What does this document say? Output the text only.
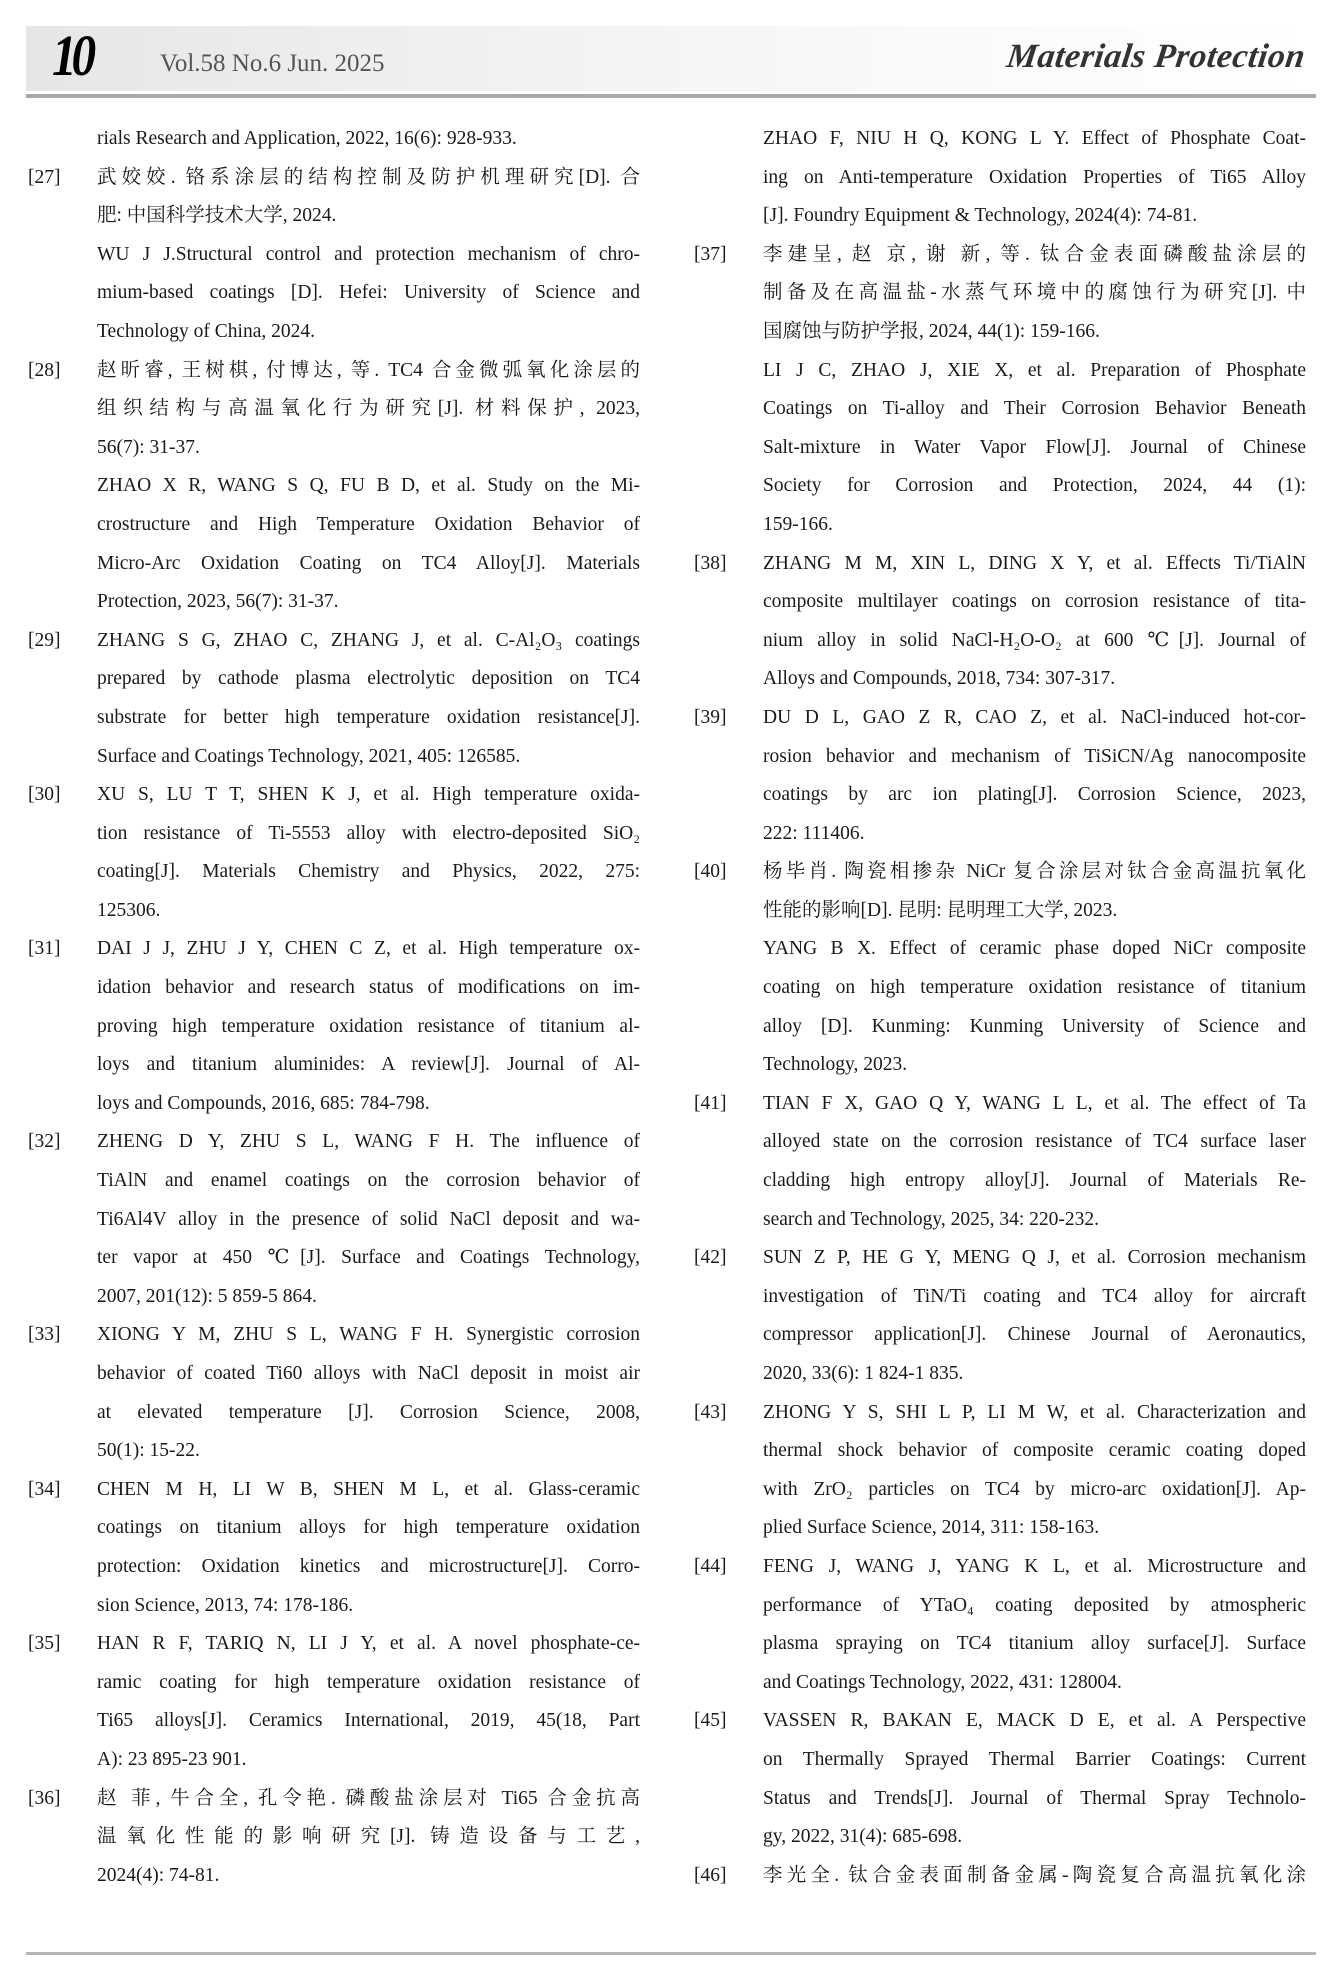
10	Vol.58 No.6 Jun. 2025	Materials Protection
rials Research and Application, 2022, 16(6): 928-933.
[27] 武姣姣. 铬系涂层的结构控制及防护机理研究[D]. 合
肥: 中国科学技术大学, 2024.
WU J J.Structural control and protection mechanism of chro-
mium-based coatings [D]. Hefei: University of Science and
Technology of China, 2024.
[28] 赵昕睿, 王树棋, 付博达, 等. TC4 合金微弧氧化涂层的
组织结构与高温氧化行为研究[J]. 材料保护, 2023,
56(7): 31-37.
ZHAO X R, WANG S Q, FU B D, et al. Study on the Mi-
crostructure and High Temperature Oxidation Behavior of
Micro-Arc Oxidation Coating on TC4 Alloy[J]. Materials
Protection, 2023, 56(7): 31-37.
[29] ZHANG S G, ZHAO C, ZHANG J, et al. C-Al₂O₃ coatings
prepared by cathode plasma electrolytic deposition on TC4
substrate for better high temperature oxidation resistance[J].
Surface and Coatings Technology, 2021, 405: 126585.
[30] XU S, LU T T, SHEN K J, et al. High temperature oxida-
tion resistance of Ti-5553 alloy with electro-deposited SiO₂
coating[J]. Materials Chemistry and Physics, 2022, 275:
125306.
[31] DAI J J, ZHU J Y, CHEN C Z, et al. High temperature ox-
idation behavior and research status of modifications on im-
proving high temperature oxidation resistance of titanium al-
loys and titanium aluminides: A review[J]. Journal of Al-
loys and Compounds, 2016, 685: 784-798.
[32] ZHENG D Y, ZHU S L, WANG F H. The influence of
TiAlN and enamel coatings on the corrosion behavior of
Ti6Al4V alloy in the presence of solid NaCl deposit and wa-
ter vapor at 450 ℃[J]. Surface and Coatings Technology,
2007, 201(12): 5 859-5 864.
[33] XIONG Y M, ZHU S L, WANG F H. Synergistic corrosion
behavior of coated Ti60 alloys with NaCl deposit in moist air
at elevated temperature [J]. Corrosion Science, 2008,
50(1): 15-22.
[34] CHEN M H, LI W B, SHEN M L, et al. Glass-ceramic
coatings on titanium alloys for high temperature oxidation
protection: Oxidation kinetics and microstructure[J]. Corro-
sion Science, 2013, 74: 178-186.
[35] HAN R F, TARIQ N, LI J Y, et al. A novel phosphate-ce-
ramic coating for high temperature oxidation resistance of
Ti65 alloys[J]. Ceramics International, 2019, 45(18, Part
A): 23 895-23 901.
[36] 赵 菲, 牛合全, 孔令艳. 磷酸盐涂层对 Ti65 合金抗高
温氧化性能的影响研究[J]. 铸造设备与工艺,
2024(4): 74-81.
ZHAO F, NIU H Q, KONG L Y. Effect of Phosphate Coat-
ing on Anti-temperature Oxidation Properties of Ti65 Alloy
[J]. Foundry Equipment & Technology, 2024(4): 74-81.
[37] 李建呈, 赵 京, 谢 新, 等. 钛合金表面磷酸盐涂层的
制备及在高温盐-水蒸气环境中的腐蚀行为研究[J]. 中
国腐蚀与防护学报, 2024, 44(1): 159-166.
LI J C, ZHAO J, XIE X, et al. Preparation of Phosphate
Coatings on Ti-alloy and Their Corrosion Behavior Beneath
Salt-mixture in Water Vapor Flow[J]. Journal of Chinese
Society for Corrosion and Protection, 2024, 44 (1):
159-166.
[38] ZHANG M M, XIN L, DING X Y, et al. Effects Ti/TiAlN
composite multilayer coatings on corrosion resistance of tita-
nium alloy in solid NaCl-H₂O-O₂ at 600 ℃[J]. Journal of
Alloys and Compounds, 2018, 734: 307-317.
[39] DU D L, GAO Z R, CAO Z, et al. NaCl-induced hot-cor-
rosion behavior and mechanism of TiSiCN/Ag nanocomposite
coatings by arc ion plating[J]. Corrosion Science, 2023,
222: 111406.
[40] 杨毕肖. 陶瓷相掺杂 NiCr 复合涂层对钛合金高温抗氧化
性能的影响[D]. 昆明: 昆明理工大学, 2023.
YANG B X. Effect of ceramic phase doped NiCr composite
coating on high temperature oxidation resistance of titanium
alloy [D]. Kunming: Kunming University of Science and
Technology, 2023.
[41] TIAN F X, GAO Q Y, WANG L L, et al. The effect of Ta
alloyed state on the corrosion resistance of TC4 surface laser
cladding high entropy alloy[J]. Journal of Materials Re-
search and Technology, 2025, 34: 220-232.
[42] SUN Z P, HE G Y, MENG Q J, et al. Corrosion mechanism
investigation of TiN/Ti coating and TC4 alloy for aircraft
compressor application[J]. Chinese Journal of Aeronautics,
2020, 33(6): 1 824-1 835.
[43] ZHONG Y S, SHI L P, LI M W, et al. Characterization and
thermal shock behavior of composite ceramic coating doped
with ZrO₂ particles on TC4 by micro-arc oxidation[J]. Ap-
plied Surface Science, 2014, 311: 158-163.
[44] FENG J, WANG J, YANG K L, et al. Microstructure and
performance of YTaO₄ coating deposited by atmospheric
plasma spraying on TC4 titanium alloy surface[J]. Surface
and Coatings Technology, 2022, 431: 128004.
[45] VASSEN R, BAKAN E, MACK D E, et al. A Perspective
on Thermally Sprayed Thermal Barrier Coatings: Current
Status and Trends[J]. Journal of Thermal Spray Technolo-
gy, 2022, 31(4): 685-698.
[46] 李光全. 钛合金表面制备金属-陶瓷复合高温抗氧化涂
